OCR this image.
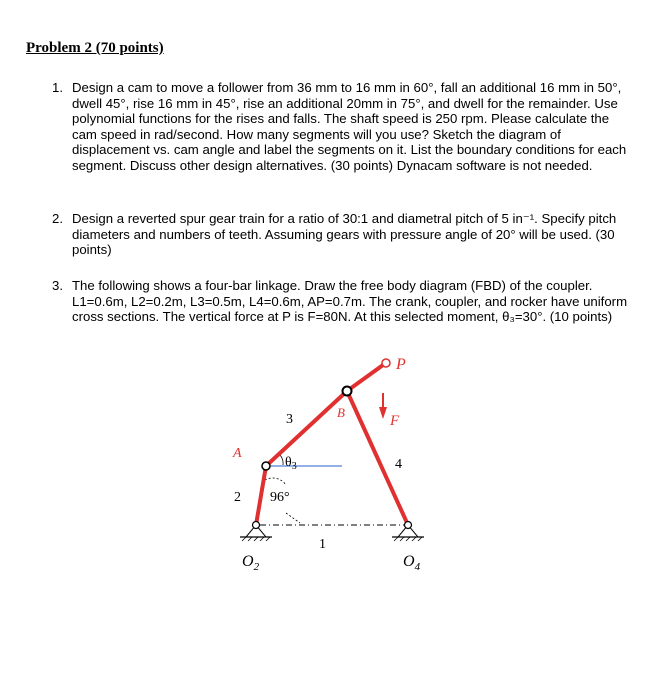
Problem 2 (70 points)
1. Design a cam to move a follower from 36 mm to 16 mm in 60°, fall an additional 16 mm in 50°, dwell 45°, rise 16 mm in 45°, rise an additional 20mm in 75°, and dwell for the remainder. Use polynomial functions for the rises and falls. The shaft speed is 250 rpm. Please calculate the cam speed in rad/second. How many segments will you use? Sketch the diagram of displacement vs. cam angle and label the segments on it. List the boundary conditions for each segment. Discuss other design alternatives. (30 points) Dynacam software is not needed.
2. Design a reverted spur gear train for a ratio of 30:1 and diametral pitch of 5 in⁻¹. Specify pitch diameters and numbers of teeth. Assuming gears with pressure angle of 20° will be used. (30 points)
3. The following shows a four-bar linkage. Draw the free body diagram (FBD) of the coupler. L1=0.6m, L2=0.2m, L3=0.5m, L4=0.6m, AP=0.7m. The crank, coupler, and rocker have uniform cross sections. The vertical force at P is F=80N. At this selected moment, θ₃=30°. (10 points)
P
F
B
A
3
4
2
1
$\theta_3$
96°
$O_2$	$O_4$
